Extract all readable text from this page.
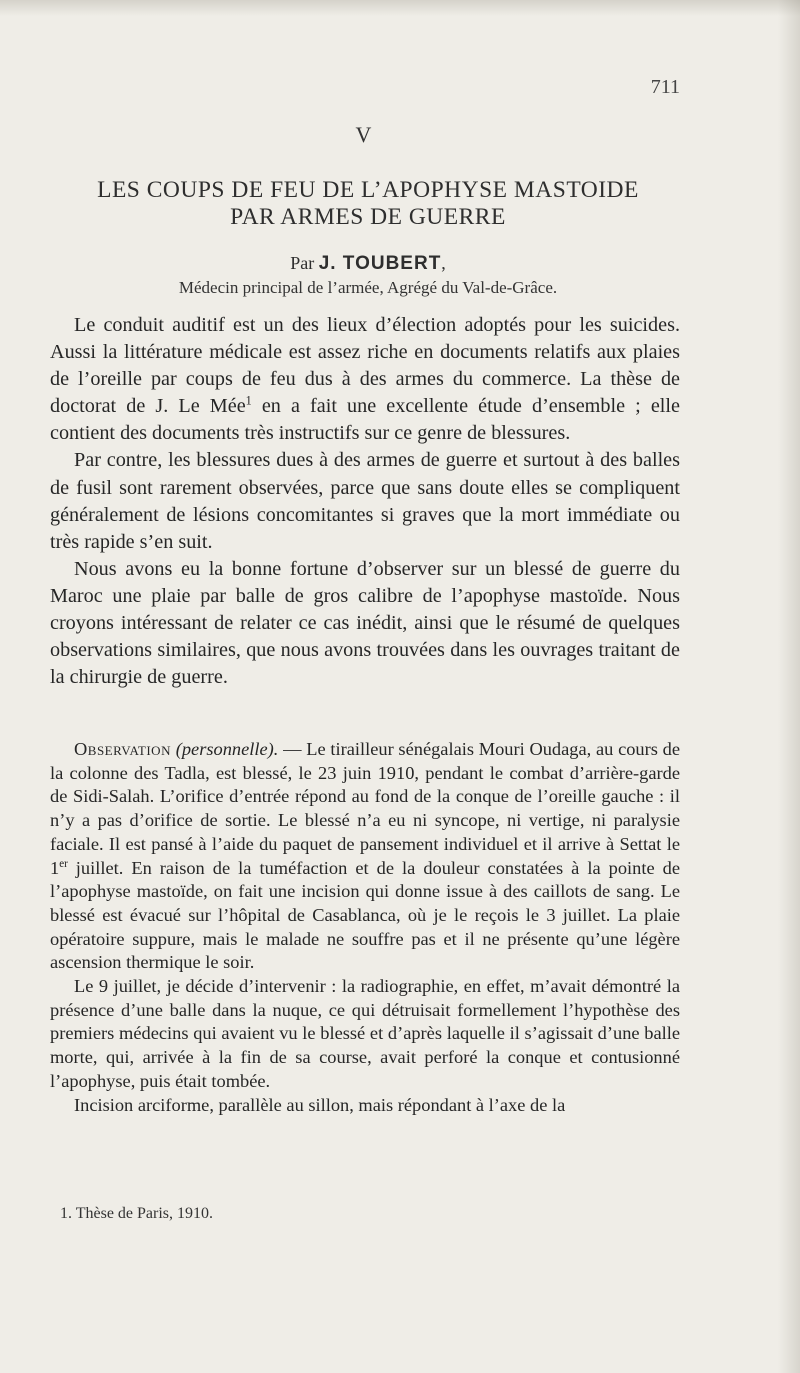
711
V
LES COUPS DE FEU DE L’APOPHYSE MASTOIDE
PAR ARMES DE GUERRE
Par J. TOUBERT,
Médecin principal de l’armée, Agrégé du Val-de-Grâce.

Le conduit auditif est un des lieux d’élection adoptés pour les suicides. Aussi la littérature médicale est assez riche en documents relatifs aux plaies de l’oreille par coups de feu dus à des armes du commerce. La thèse de doctorat de J. Le Mée$^1$ en a fait une excellente étude d’ensemble ; elle contient des documents très instructifs sur ce genre de blessures.

Par contre, les blessures dues à des armes de guerre et surtout à des balles de fusil sont rarement observées, parce que sans doute elles se compliquent généralement de lésions concomitantes si graves que la mort immédiate ou très rapide s’en suit.

Nous avons eu la bonne fortune d’observer sur un blessé de guerre du Maroc une plaie par balle de gros calibre de l’apophyse mastoïde. Nous croyons intéressant de relater ce cas inédit, ainsi que le résumé de quelques observations similaires, que nous avons trouvées dans les ouvrages traitant de la chirurgie de guerre.

Observation (personnelle). — Le tirailleur sénégalais Mouri Oudaga, au cours de la colonne des Tadla, est blessé, le 23 juin 1910, pendant le combat d’arrière-garde de Sidi-Salah. L’orifice d’entrée répond au fond de la conque de l’oreille gauche : il n’y a pas d’orifice de sortie. Le blessé n’a eu ni syncope, ni vertige, ni paralysie faciale. Il est pansé à l’aide du paquet de pansement individuel et il arrive à Settat le 1er juillet. En raison de la tuméfaction et de la douleur constatées à la pointe de l’apophyse mastoïde, on fait une incision qui donne issue à des caillots de sang. Le blessé est évacué sur l’hôpital de Casablanca, où je le reçois le 3 juillet. La plaie opératoire suppure, mais le malade ne souffre pas et il ne présente qu’une légère ascension thermique le soir.

Le 9 juillet, je décide d’intervenir : la radiographie, en effet, m’avait démontré la présence d’une balle dans la nuque, ce qui détruisait formellement l’hypothèse des premiers médecins qui avaient vu le blessé et d’après laquelle il s’agissait d’une balle morte, qui, arrivée à la fin de sa course, avait perforé la conque et contusionné l’apophyse, puis était tombée.

Incision arciforme, parallèle au sillon, mais répondant à l’axe de la

1. Thèse de Paris, 1910.
